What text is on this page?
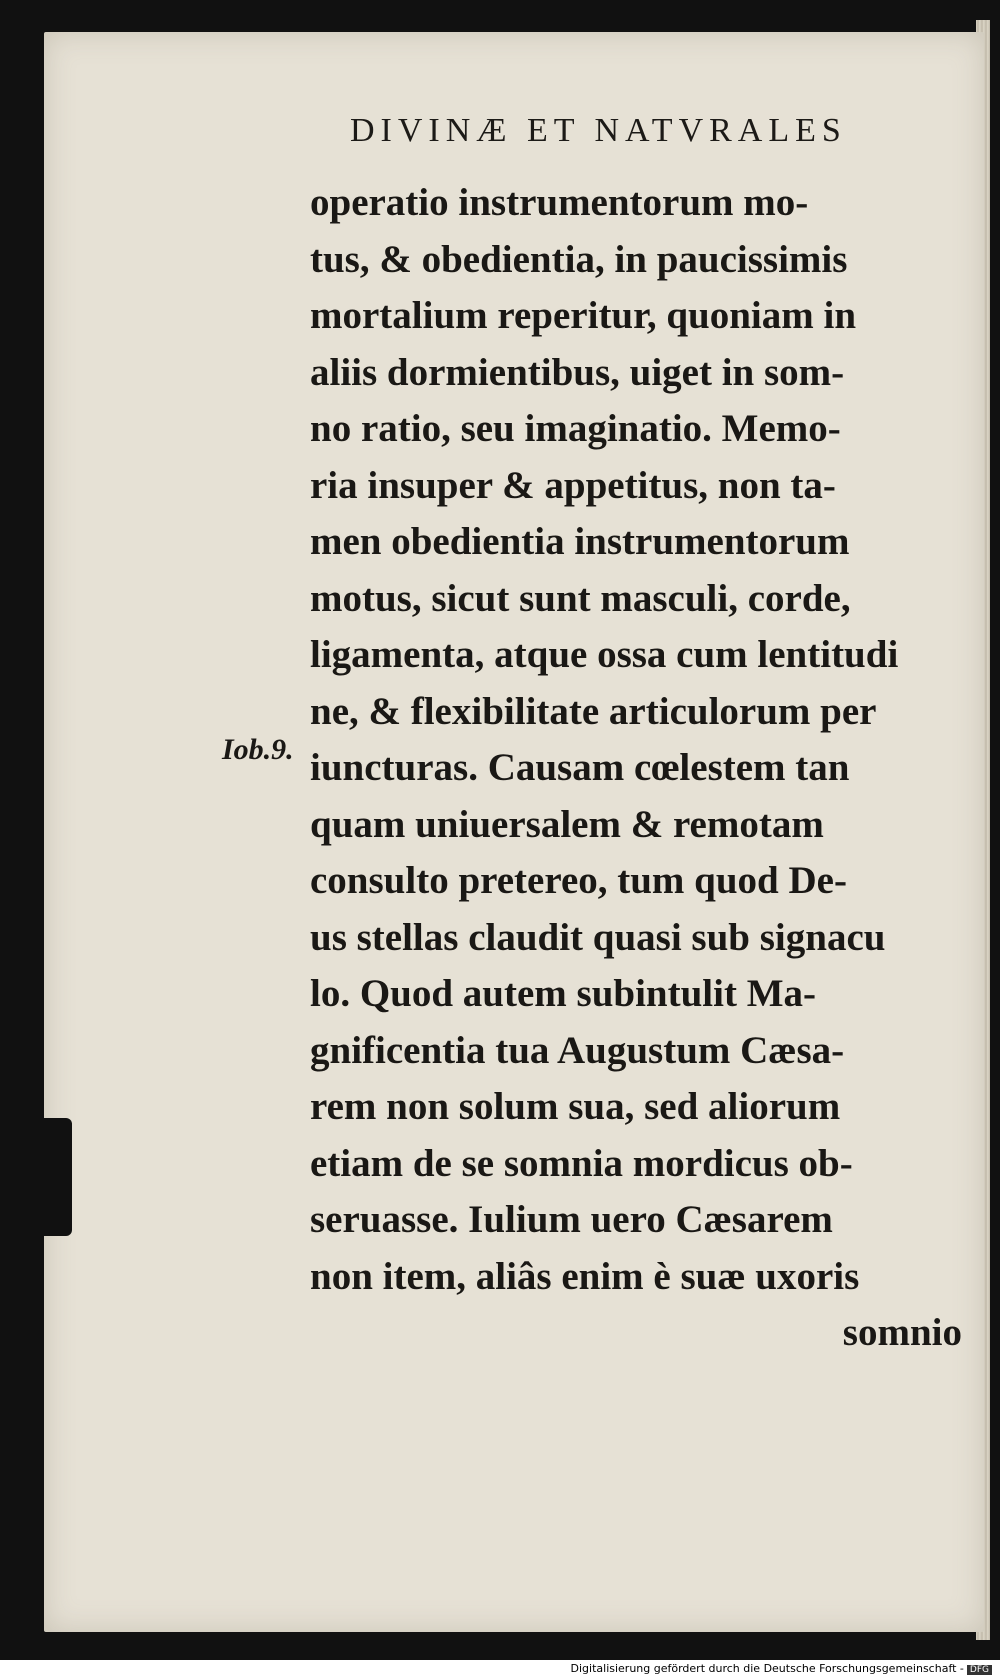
DIVINÆ ET NATVRALES
Iob.9.
operatio instrumentorum mo-
tus, & obedientia, in paucissimis
mortalium reperitur, quoniam in
aliis dormientibus, uiget in som-
no ratio, seu imaginatio. Memo-
ria insuper & appetitus, non ta-
men obedientia instrumentorum
motus, sicut sunt masculi, corde,
ligamenta, atque ossa cum lentitudi
ne, & flexibilitate articulorum per
iuncturas. Causam cœlestem tan
quam uniuersalem & remotam
consulto pretereo, tum quod De-
us stellas claudit quasi sub signacu
lo. Quod autem subintulit Ma-
gnificentia tua Augustum Cæsa-
rem non solum sua, sed aliorum
etiam de se somnia mordicus ob-
seruasse. Iulium uero Cæsarem
non item, aliâs enim è suæ uxoris
somnio
Digitalisierung gefördert durch die Deutsche Forschungsgemeinschaft - DFG
